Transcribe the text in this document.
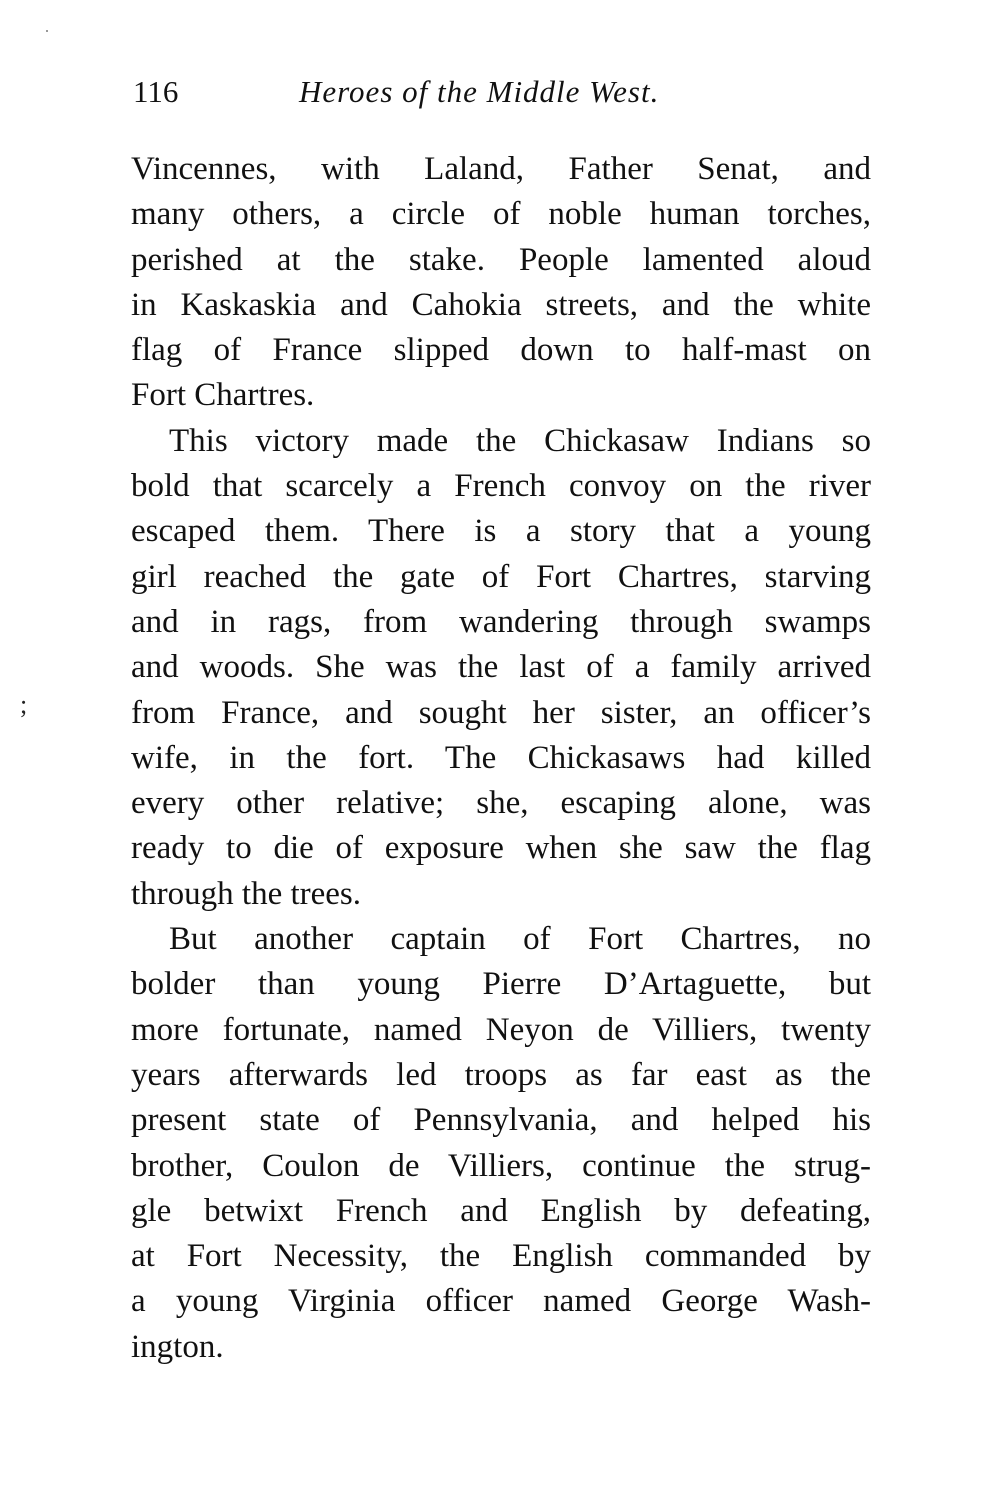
116	Heroes of the Middle West.
;
Vincennes, with Laland, Father Senat, and
many others, a circle of noble human torches,
perished at the stake. People lamented aloud
in Kaskaskia and Cahokia streets, and the white
flag of France slipped down to half-mast on
Fort Chartres.
This victory made the Chickasaw Indians so
bold that scarcely a French convoy on the river
escaped them. There is a story that a young
girl reached the gate of Fort Chartres, starving
and in rags, from wandering through swamps
and woods. She was the last of a family arrived
from France, and sought her sister, an officer’s
wife, in the fort. The Chickasaws had killed
every other relative; she, escaping alone, was
ready to die of exposure when she saw the flag
through the trees.
But another captain of Fort Chartres, no
bolder than young Pierre D’Artaguette, but
more fortunate, named Neyon de Villiers, twenty
years afterwards led troops as far east as the
present state of Pennsylvania, and helped his
brother, Coulon de Villiers, continue the strug-
gle betwixt French and English by defeating,
at Fort Necessity, the English commanded by
a young Virginia officer named George Wash-
ington.
